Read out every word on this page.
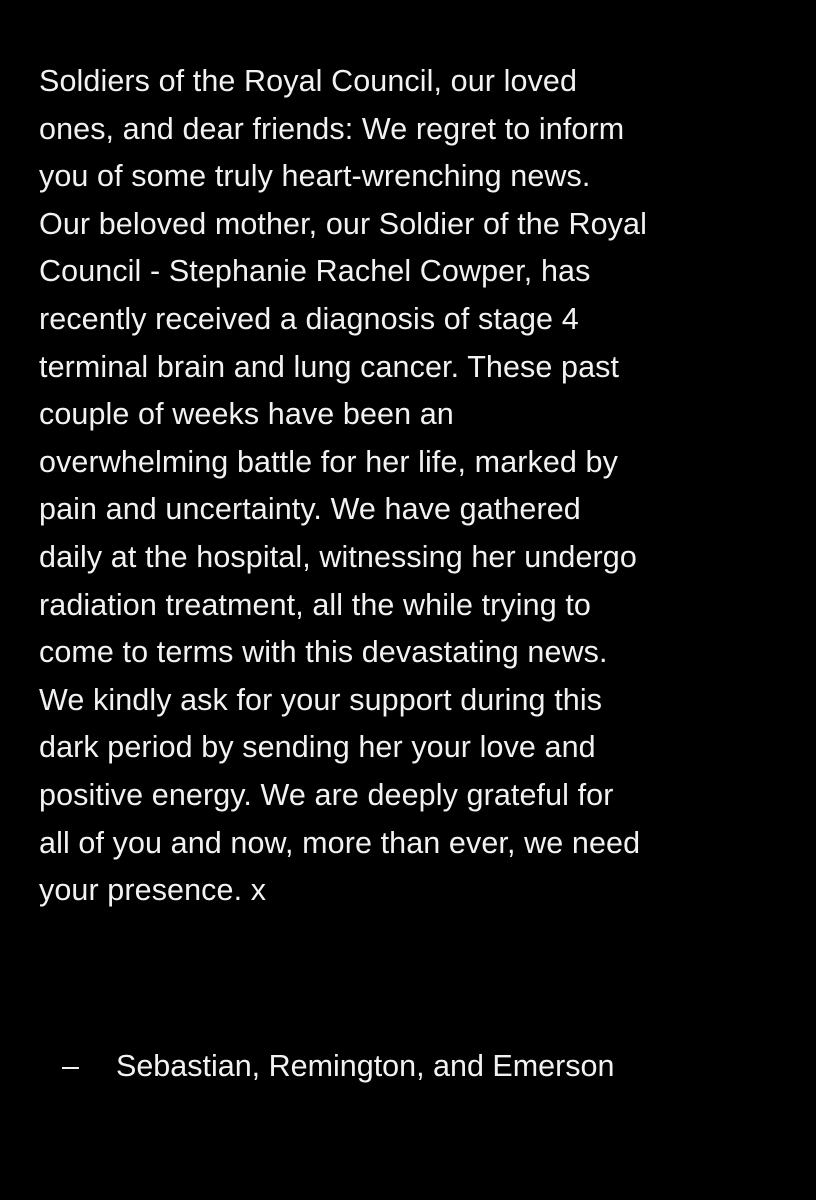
Soldiers of the Royal Council, our loved
ones, and dear friends: We regret to inform
you of some truly heart-wrenching news.
Our beloved mother, our Soldier of the Royal
Council - Stephanie Rachel Cowper, has
recently received a diagnosis of stage 4
terminal brain and lung cancer. These past
couple of weeks have been an
overwhelming battle for her life, marked by
pain and uncertainty. We have gathered
daily at the hospital, witnessing her undergo
radiation treatment, all the while trying to
come to terms with this devastating news.
We kindly ask for your support during this
dark period by sending her your love and
positive energy. We are deeply grateful for
all of you and now, more than ever, we need
your presence. x
– Sebastian, Remington, and Emerson
